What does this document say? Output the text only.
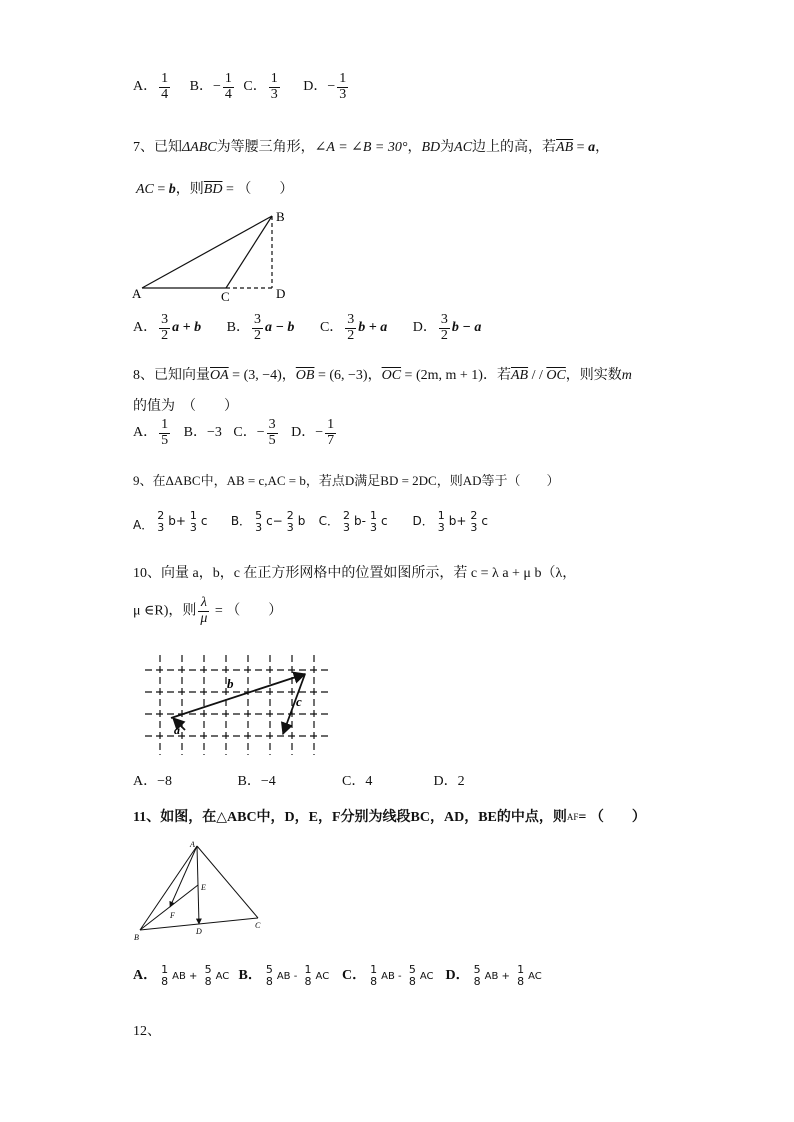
A． $\frac{1}{4}$ B．− $\frac{1}{4}$ C． $\frac{1}{3}$ D．− $\frac{1}{3}$
7、已知ΔABC为等腰三角形，∠A = ∠B = 30°，BD为AC边上的高，若$\overline{AB} = a$，
AC = b，则$\overline{BD}$ = （　　）
A
B
C	D
A． $\frac{3}{2}$ a + b B． $\frac{3}{2}$ a − b C． $\frac{3}{2}$ b + a D． $\frac{3}{2}$ b − a
8、已知向量$\overline{OA} = (3$, −4)，$\overline{OB} = (6$, −3)，$\overline{OC} = (2m$, m + 1)．若$\overline{AB}$ / / $\overline{OC}$，则实数m
的值为　（　　）
A． $\frac{1}{5}$ B．−3 C．− $\frac{3}{5}$ D．− $\frac{1}{7}$
9、在ΔABC中，AB = c,AC = b，若点D满足BD = 2DC，则AD等于（　　）
A．
2
3 b+ 1
3 c B． 5
3 c− 2
3 b C． 2
3 b- 1
3 c D． 1
3 b+ 2
3 c
10、向量 a，b，c 在正方形网格中的位置如图所示，若 c = λ a + μ b（λ，
μ ∈R)，则 $\frac{\lambda}{\mu}$ = （　　）
b
a
c
A．−8	B．−4	C．4	D．2
11、如图，在△ABC中，D，E，F分别为线段BC，AD，BE的中点，则AF= （　　）
A
B
C
D
E
F
A． 1
8 AB +
5
8 AC B． 5
8 AB -
1
8 AC C． 1
8 AB -
5
8 AC D． 5
8 AB +
1
8 AC
12、
